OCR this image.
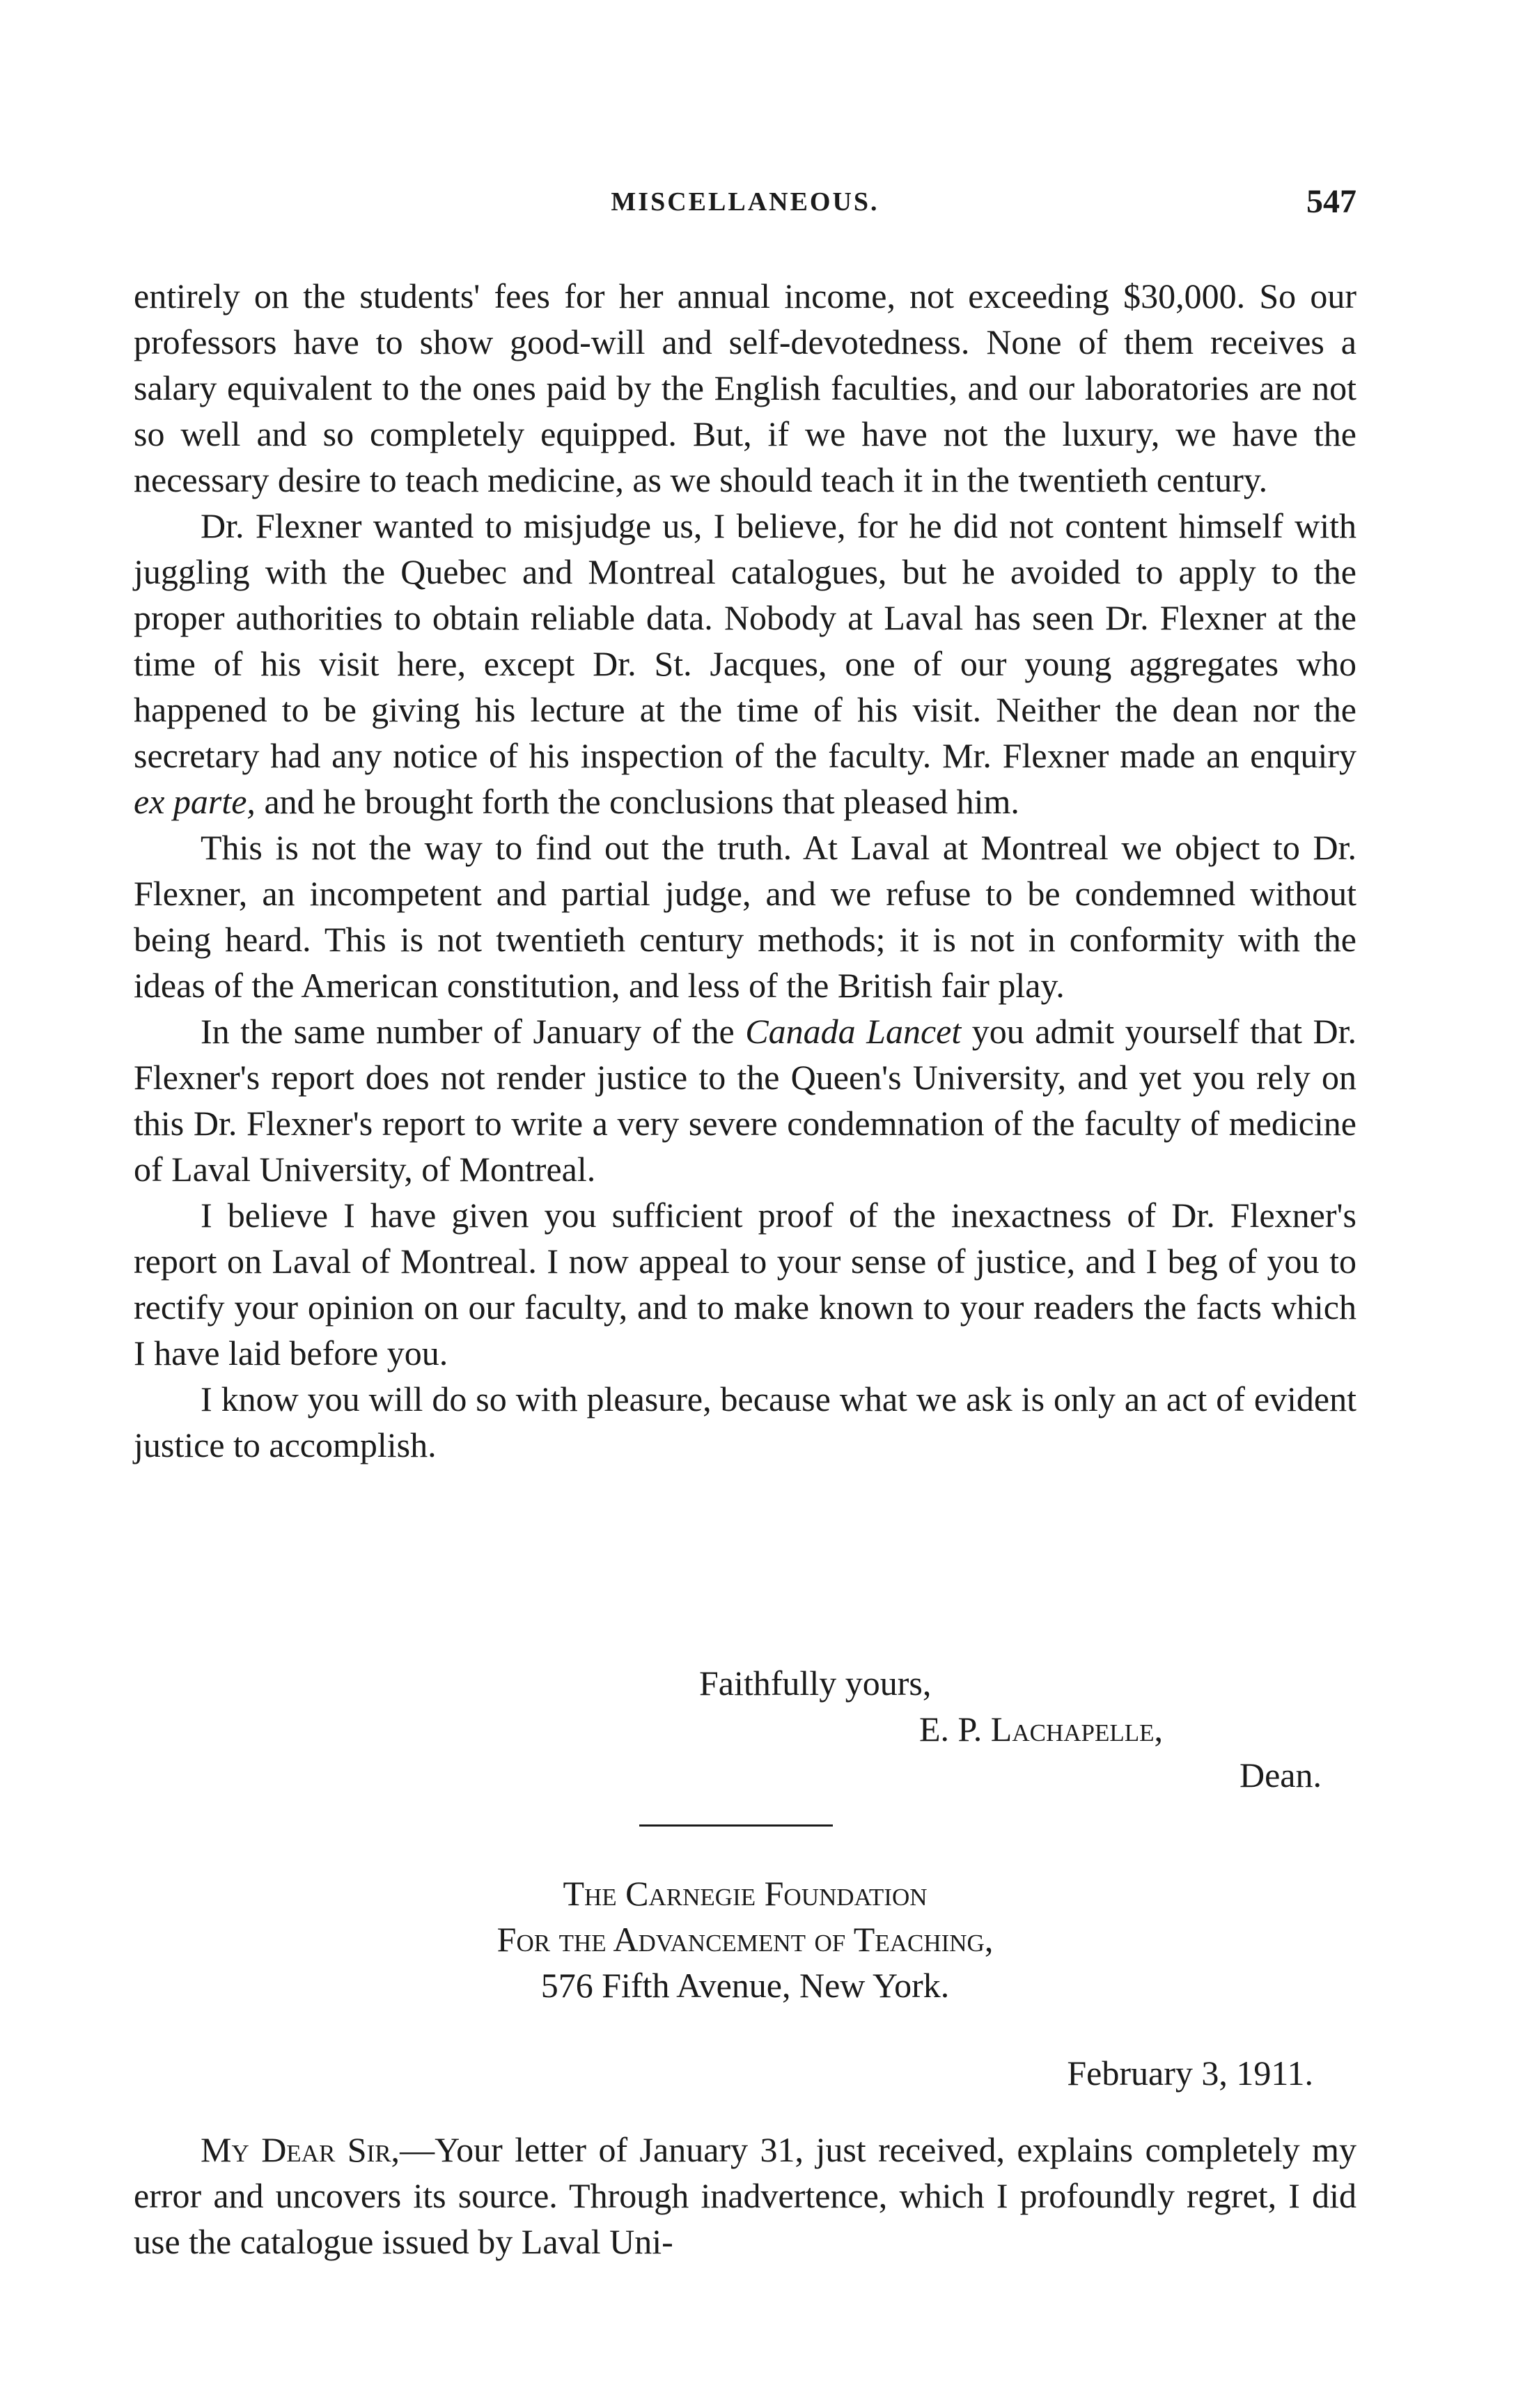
MISCELLANEOUS.	547

entirely on the students' fees for her annual income, not exceeding $30,000. So our professors have to show good-will and self-devotedness. None of them receives a salary equivalent to the ones paid by the English faculties, and our laboratories are not so well and so completely equipped. But, if we have not the luxury, we have the necessary desire to teach medicine, as we should teach it in the twentieth century.

Dr. Flexner wanted to misjudge us, I believe, for he did not content himself with juggling with the Quebec and Montreal catalogues, but he avoided to apply to the proper authorities to obtain reliable data. Nobody at Laval has seen Dr. Flexner at the time of his visit here, except Dr. St. Jacques, one of our young aggregates who happened to be giving his lecture at the time of his visit. Neither the dean nor the secretary had any notice of his inspection of the faculty. Mr. Flexner made an enquiry ex parte, and he brought forth the conclusions that pleased him.

This is not the way to find out the truth. At Laval at Montreal we object to Dr. Flexner, an incompetent and partial judge, and we refuse to be condemned without being heard. This is not twentieth century methods; it is not in conformity with the ideas of the American constitution, and less of the British fair play.

In the same number of January of the Canada Lancet you admit yourself that Dr. Flexner's report does not render justice to the Queen's University, and yet you rely on this Dr. Flexner's report to write a very severe condemnation of the faculty of medicine of Laval University, of Montreal.

I believe I have given you sufficient proof of the inexactness of Dr. Flexner's report on Laval of Montreal. I now appeal to your sense of justice, and I beg of you to rectify your opinion on our faculty, and to make known to your readers the facts which I have laid before you.

I know you will do so with pleasure, because what we ask is only an act of evident justice to accomplish.

Faithfully yours,
E. P. Lachapelle,
Dean.
The Carnegie Foundation
For the Advancement of Teaching,
576 Fifth Avenue, New York.
February 3, 1911.

My Dear Sir,—Your letter of January 31, just received, explains completely my error and uncovers its source. Through inadvertence, which I profoundly regret, I did use the catalogue issued by Laval Uni-
